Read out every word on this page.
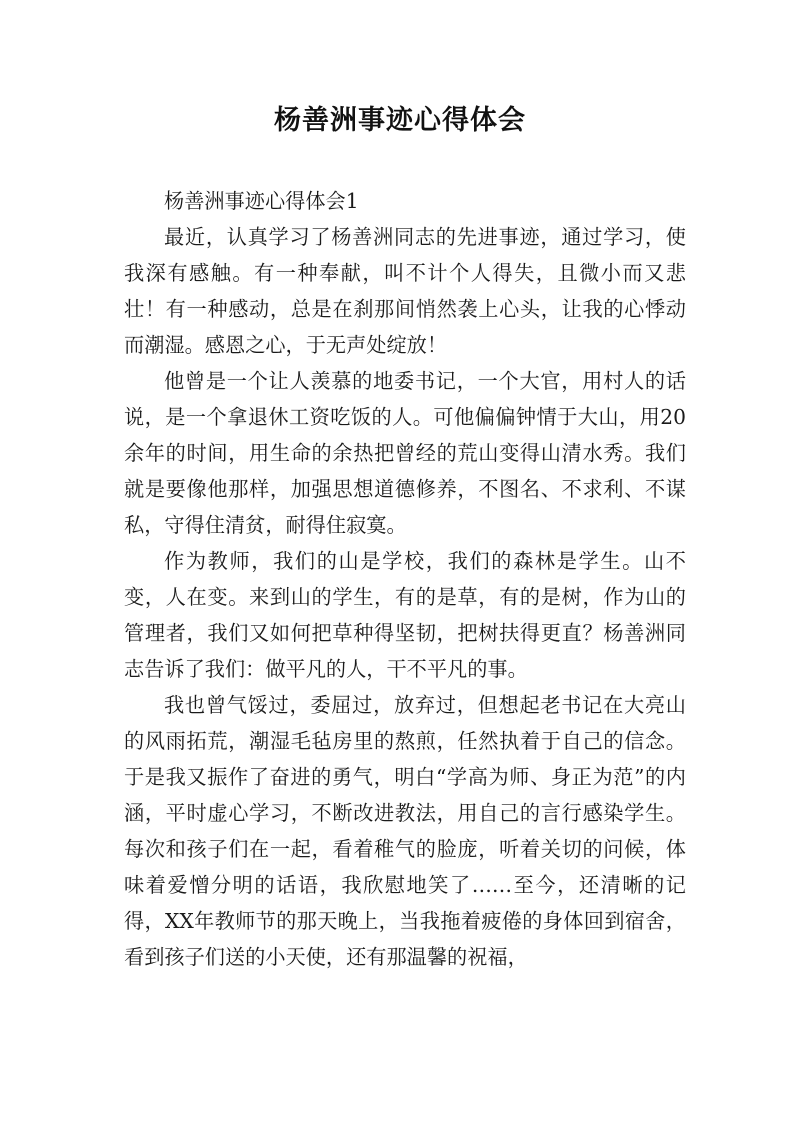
杨善洲事迹心得体会

杨善洲事迹心得体会1

最近，认真学习了杨善洲同志的先进事迹，通过学习，使我深有感触。有一种奉献，叫不计个人得失，且微小而又悲壮！有一种感动，总是在刹那间悄然袭上心头，让我的心悸动而潮湿。感恩之心，于无声处绽放！

他曾是一个让人羡慕的地委书记，一个大官，用村人的话说，是一个拿退休工资吃饭的人。可他偏偏钟情于大山，用20余年的时间，用生命的余热把曾经的荒山变得山清水秀。我们就是要像他那样，加强思想道德修养，不图名、不求利、不谋私，守得住清贫，耐得住寂寞。

作为教师，我们的山是学校，我们的森林是学生。山不变，人在变。来到山的学生，有的是草，有的是树，作为山的管理者，我们又如何把草种得坚韧，把树扶得更直？杨善洲同志告诉了我们：做平凡的人，干不平凡的事。

我也曾气馁过，委屈过，放弃过，但想起老书记在大亮山的风雨拓荒，潮湿毛毡房里的熬煎，任然执着于自己的信念。于是我又振作了奋进的勇气，明白“学高为师、身正为范”的内涵，平时虚心学习，不断改进教法，用自己的言行感染学生。每次和孩子们在一起，看着稚气的脸庞，听着关切的问候，体味着爱憎分明的话语，我欣慰地笑了……至今，还清晰的记得，XX年教师节的那天晚上，当我拖着疲倦的身体回到宿舍，看到孩子们送的小天使，还有那温馨的祝福，
